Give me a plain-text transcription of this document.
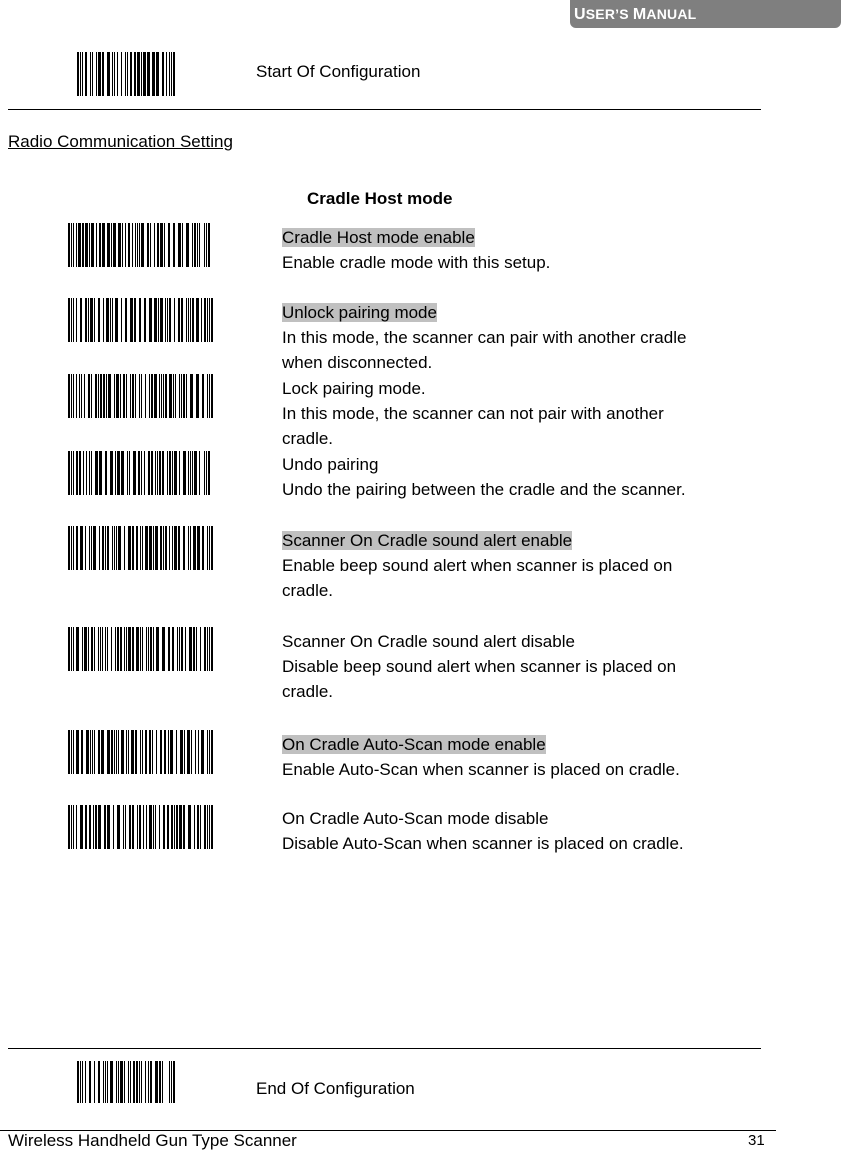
USER’S MANUAL
Start Of Configuration
Radio Communication Setting
Cradle Host mode
Cradle Host mode enable
Enable cradle mode with this setup.
Unlock pairing mode
In this mode, the scanner can pair with another cradle
when disconnected.
Lock pairing mode.
In this mode, the scanner can not pair with another
cradle.
Undo pairing
Undo the pairing between the cradle and the scanner.
Scanner On Cradle sound alert enable
Enable beep sound alert when scanner is placed on
cradle.
Scanner On Cradle sound alert disable
Disable beep sound alert when scanner is placed on
cradle.
On Cradle Auto-Scan mode enable
Enable Auto-Scan when scanner is placed on cradle.
On Cradle Auto-Scan mode disable
Disable Auto-Scan when scanner is placed on cradle.
End Of Configuration
Wireless Handheld Gun Type Scanner	31
